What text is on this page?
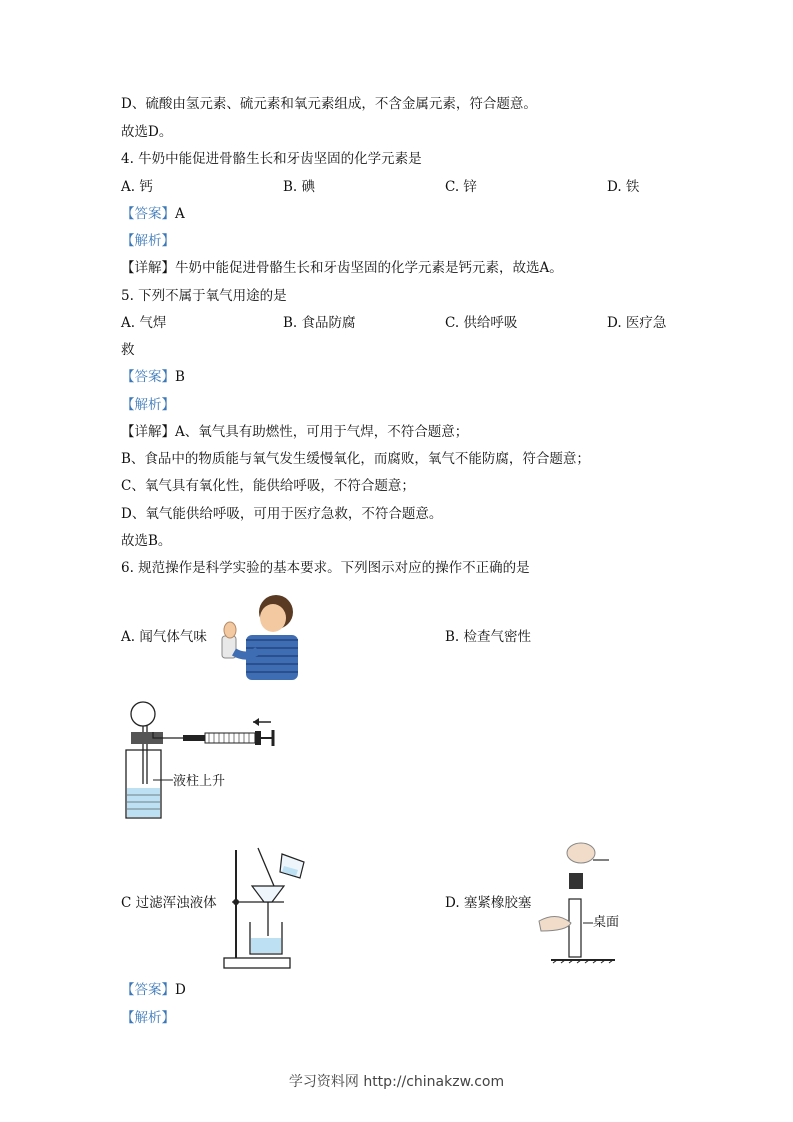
D、硫酸由氢元素、硫元素和氧元素组成，不含金属元素，符合题意。
故选D。
4. 牛奶中能促进骨骼生长和牙齿坚固的化学元素是
A. 钙	B. 碘	C. 锌	D. 铁
【答案】A
【解析】
【详解】牛奶中能促进骨骼生长和牙齿坚固的化学元素是钙元素，故选A。
5. 下列不属于氧气用途的是
A. 气焊	B. 食品防腐	C. 供给呼吸	D. 医疗急
救
【答案】B
【解析】
【详解】A、氧气具有助燃性，可用于气焊，不符合题意；
B、食品中的物质能与氧气发生缓慢氧化，而腐败，氧气不能防腐，符合题意；
C、氧气具有氧化性，能供给呼吸，不符合题意；
D、氧气能供给呼吸，可用于医疗急救，不符合题意。
故选B。
6. 规范操作是科学实验的基本要求。下列图示对应的操作不正确的是
A. 闻气体气味	B. 检查气密性
液柱上升
C 过滤浑浊液体	D. 塞紧橡胶塞
桌面
【答案】D
【解析】
学习资料网 http://chinakzw.com
